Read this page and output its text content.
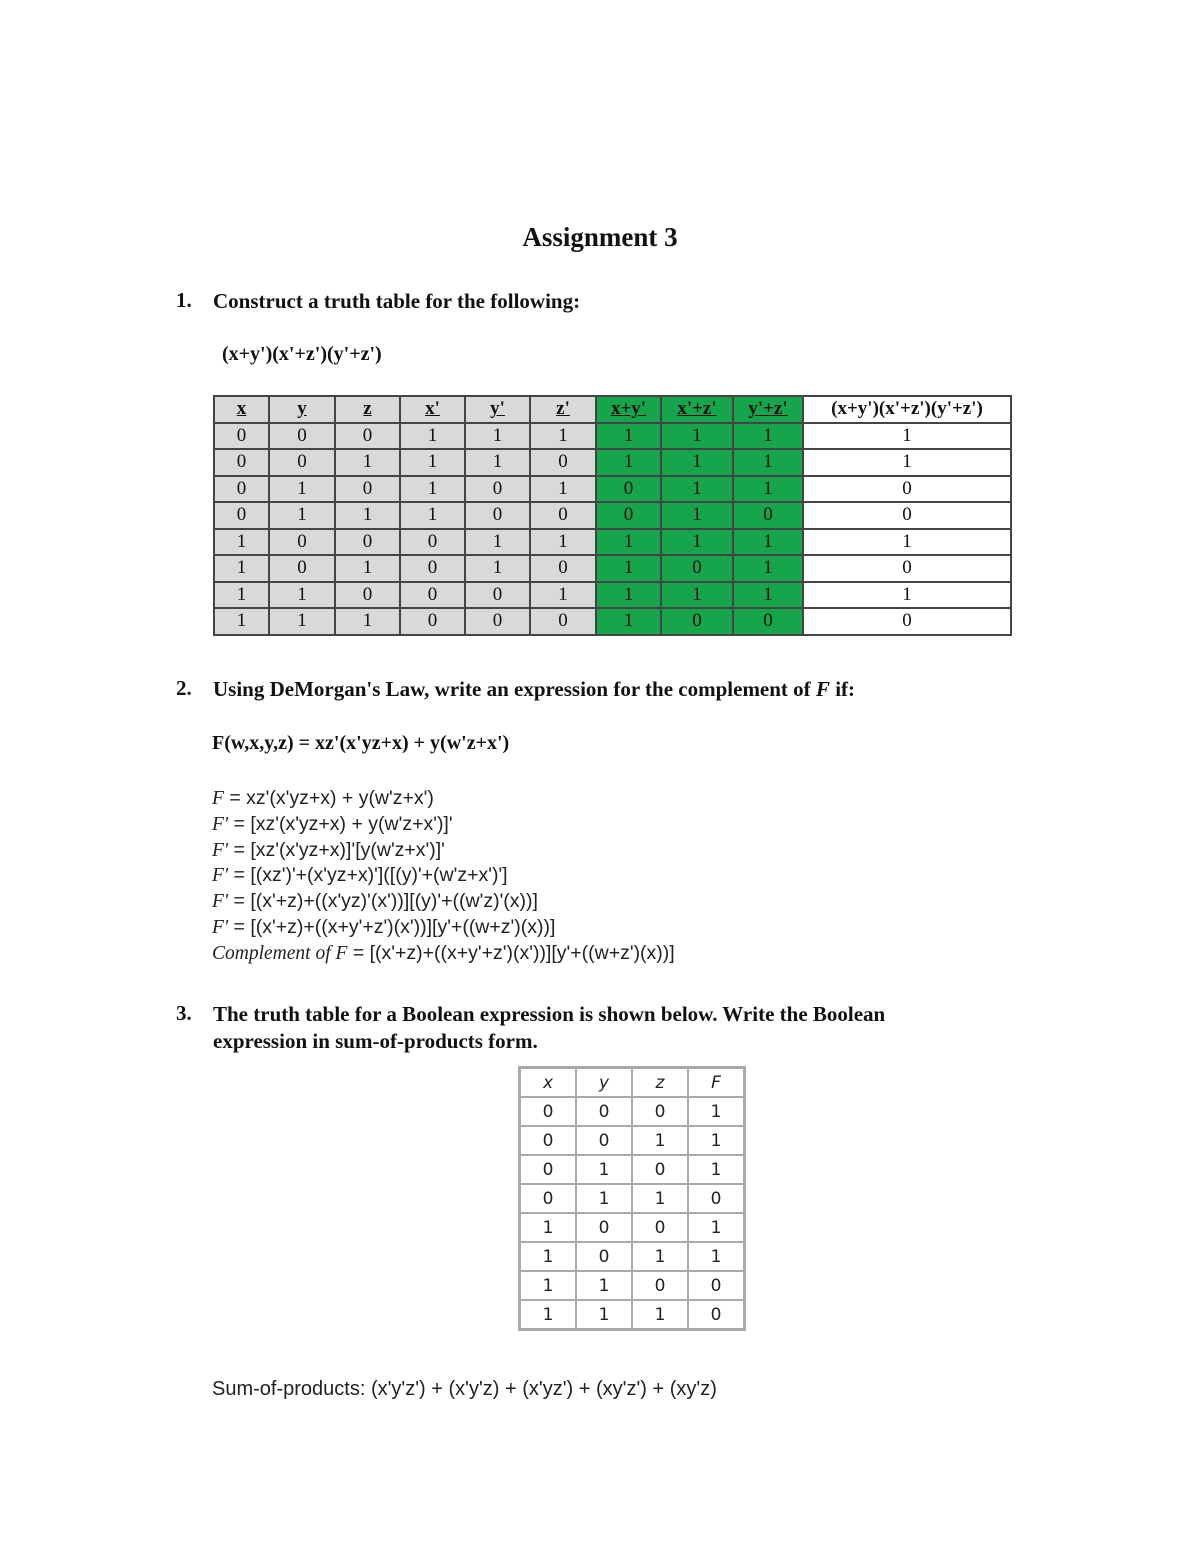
Assignment 3
1. Construct a truth table for the following:
(x+y')(x'+z')(y'+z')
x	y	z	x'	y'	z'	x+y'	x'+z'	y'+z'	(x+y')(x'+z')(y'+z')
0	0	0	1	1	1	1	1	1	1
0	0	1	1	1	0	1	1	1	1
0	1	0	1	0	1	0	1	1	0
0	1	1	1	0	0	0	1	0	0
1	0	0	0	1	1	1	1	1	1
1	0	1	0	1	0	1	0	1	0
1	1	0	0	0	1	1	1	1	1
1	1	1	0	0	0	1	0	0	0
2. Using DeMorgan's Law, write an expression for the complement of F if:
F(w,x,y,z) = xz'(x'yz+x) + y(w'z+x')
F = xz'(x'yz+x) + y(w'z+x')
F' = [xz'(x'yz+x) + y(w'z+x')]'
F' = [xz'(x'yz+x)]'[y(w'z+x')]'
F' = [(xz')'+(x'yz+x)']([(y)'+(w'z+x')']
F' = [(x'+z)+((x'yz)'(x'))][(y)'+((w'z)'(x))]
F' = [(x'+z)+((x+y'+z')(x'))][y'+((w+z')(x))]
Complement of F = [(x'+z)+((x+y'+z')(x'))][y'+((w+z')(x))]
3. The truth table for a Boolean expression is shown below. Write the Boolean
expression in sum-of-products form.
x	y	z	F
0	0	0	1
0	0	1	1
0	1	0	1
0	1	1	0
1	0	0	1
1	0	1	1
1	1	0	0
1	1	1	0
Sum-of-products: (x'y'z') + (x'y'z) + (x'yz') + (xy'z') + (xy'z)
